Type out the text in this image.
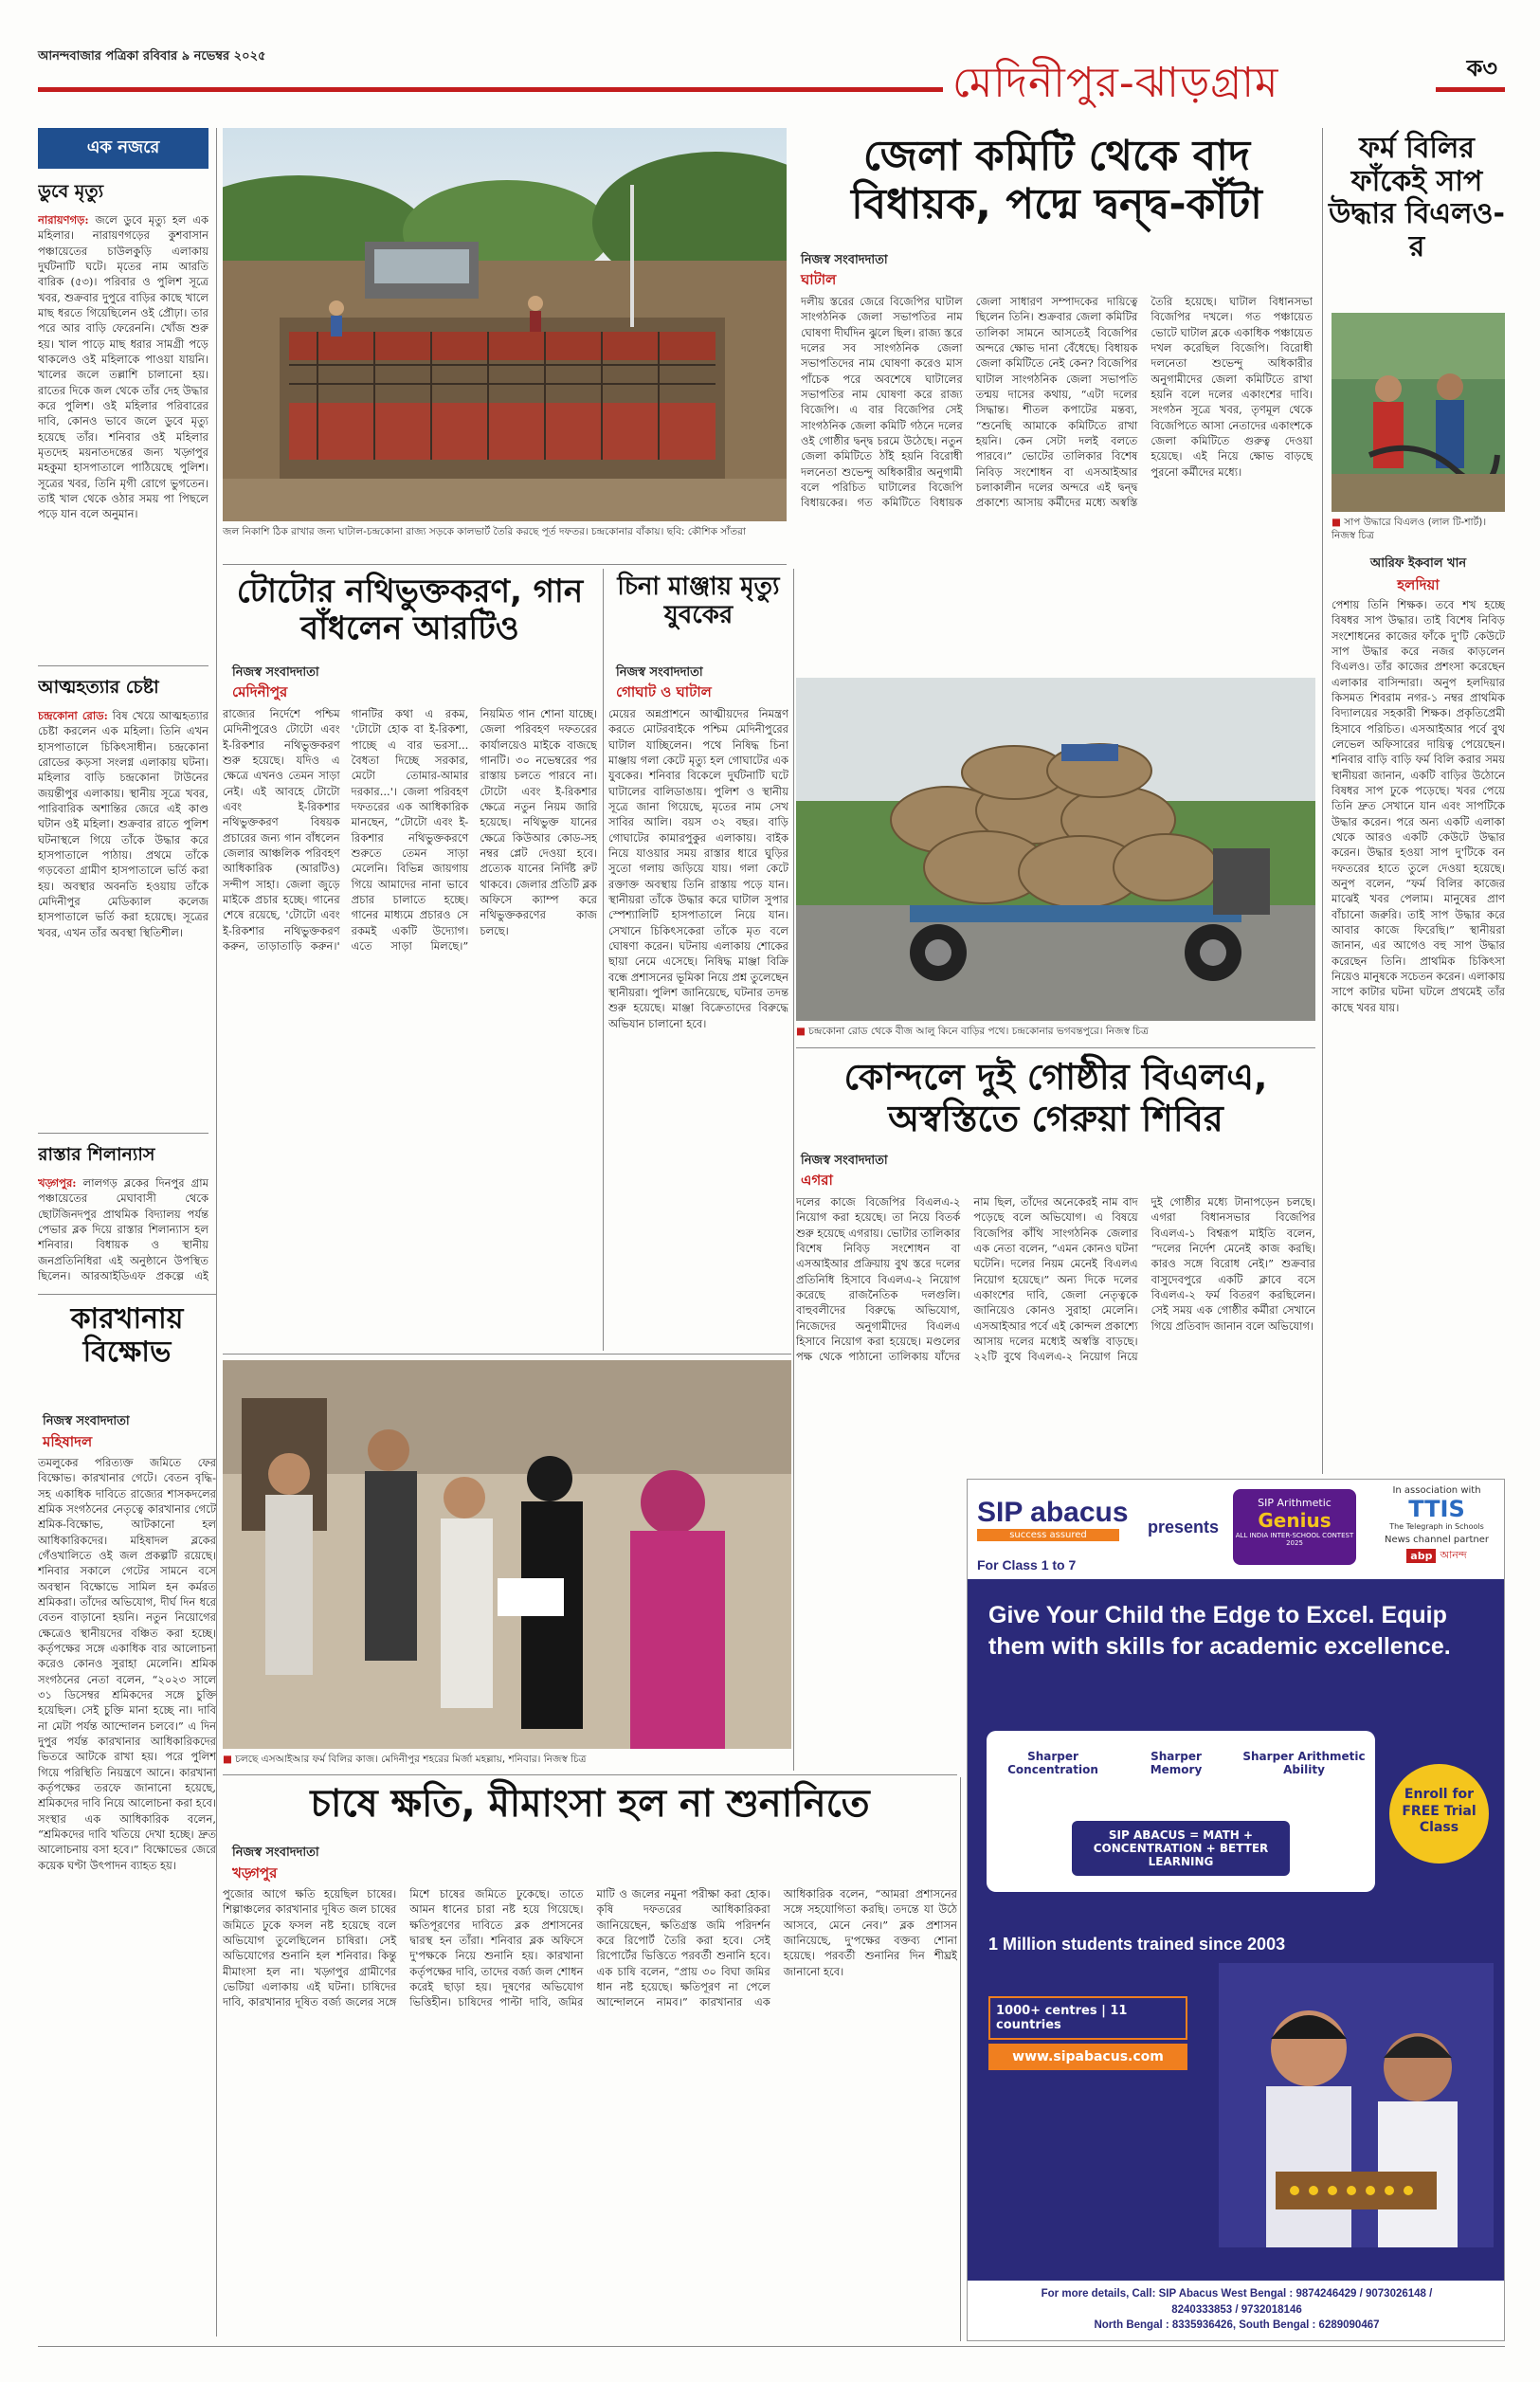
আনন্দবাজার পত্রিকা রবিবার ৯ নভেম্বর ২০২৫
মেদিনীপুর-ঝাড়গ্রাম	ক৩
এক নজরে
ডুবে মৃত্যু
নারায়ণগড়: জলে ডুবে মৃত্যু হল এক মহিলার। নারায়ণগড়ের কুশবাসান পঞ্চায়েতের চাউলকুড়ি এলাকায় দুর্ঘটনাটি ঘটে। মৃতের নাম আরতি বারিক (৫৩)। পরিবার ও পুলিশ সূত্রে খবর, শুক্রবার দুপুরে বাড়ির কাছে খালে মাছ ধরতে গিয়েছিলেন ওই প্রৌঢ়া। তার পরে আর বাড়ি ফেরেননি। খোঁজ শুরু হয়। খাল পাড়ে মাছ ধরার সামগ্রী পড়ে থাকলেও ওই মহিলাকে পাওয়া যায়নি। খালের জলে তল্লাশি চালানো হয়। রাতের দিকে জল থেকে তাঁর দেহ উদ্ধার করে পুলিশ। ওই মহিলার পরিবারের দাবি, কোনও ভাবে জলে ডুবে মৃত্যু হয়েছে তাঁর। শনিবার ওই মহিলার মৃতদেহ ময়নাতদন্তের জন্য খড়্গপুর মহকুমা হাসপাতালে পাঠিয়েছে পুলিশ। সূত্রের খবর, তিনি মৃগী রোগে ভুগতেন। তাই খাল থেকে ওঠার সময় পা পিছলে পড়ে যান বলে অনুমান।
আত্মহত্যার চেষ্টা
চন্দ্রকোনা রোড: বিষ খেয়ে আত্মহত্যার চেষ্টা করলেন এক মহিলা। তিনি এখন হাসপাতালে চিকিৎসাধীন। চন্দ্রকোনা রোডের কড়সা সংলগ্ন এলাকায় ঘটনা। মহিলার বাড়ি চন্দ্রকোনা টাউনের জয়ন্তীপুর এলাকায়। স্থানীয় সূত্রে খবর, পারিবারিক অশান্তির জেরে এই কাণ্ড ঘটান ওই মহিলা। শুক্রবার রাতে পুলিশ ঘটনাস্থলে গিয়ে তাঁকে উদ্ধার করে হাসপাতালে পাঠায়। প্রথমে তাঁকে গড়বেতা গ্রামীণ হাসপাতালে ভর্তি করা হয়। অবস্থার অবনতি হওয়ায় তাঁকে মেদিনীপুর মেডিক্যাল কলেজ হাসপাতালে ভর্তি করা হয়েছে। সূত্রের খবর, এখন তাঁর অবস্থা স্থিতিশীল।
রাস্তার শিলান্যাস
খড়্গপুর: লালগড় ব্লকের দিনপুর গ্রাম পঞ্চায়েতের মেঘাবাসী থেকে ছোটজিনদপুর প্রাথমিক বিদ্যালয় পর্যন্ত পেভার ব্লক দিয়ে রাস্তার শিলান্যাস হল শনিবার। বিধায়ক ও স্থানীয় জনপ্রতিনিধিরা এই অনুষ্ঠানে উপস্থিত ছিলেন। আরআইডিএফ প্রকল্পে এই
জল নিকাশি ঠিক রাখার জন্য ঘাটাল-চন্দ্রকোনা রাজ্য সড়কে কালভার্ট তৈরি করছে পূর্ত দফতর। চন্দ্রকোনার বাঁকায়। ছবি: কৌশিক সাঁতরা
জেলা কমিটি থেকে বাদ বিধায়ক, পদ্মে দ্বন্দ্ব-কাঁটা
নিজস্ব সংবাদদাতা
ঘাটাল
দলীয় স্তরের জেরে বিজেপির ঘাটাল সাংগঠনিক জেলা সভাপতির নাম ঘোষণা দীর্ঘদিন ঝুলে ছিল। রাজ্য স্তরে দলের সব সাংগঠনিক জেলা সভাপতিদের নাম ঘোষণা করেও মাস পাঁচেক পরে অবশেষে ঘাটালের সভাপতির নাম ঘোষণা করে রাজ্য বিজেপি। এ বার বিজেপির সেই সাংগঠনিক জেলা কমিটি গঠনে দলের ওই গোষ্ঠীর দ্বন্দ্ব চরমে উঠেছে। নতুন জেলা কমিটিতে ঠাঁই হয়নি বিরোধী দলনেতা শুভেন্দু অধিকারীর অনুগামী বলে পরিচিত ঘাটালের বিজেপি বিধায়কের। গত কমিটিতে বিধায়ক জেলা সাধারণ সম্পাদকের দায়িত্বে ছিলেন তিনি। শুক্রবার জেলা কমিটির তালিকা সামনে আসতেই বিজেপির অন্দরে ক্ষোভ দানা বেঁধেছে। বিধায়ক জেলা কমিটিতে নেই কেন? বিজেপির ঘাটাল সাংগঠনিক জেলা সভাপতি তন্ময় দাসের কথায়, “এটা দলের সিদ্ধান্ত। শীতল কপাটের মন্তব্য, “শুনেছি আমাকে কমিটিতে রাখা হয়নি। কেন সেটা দলই বলতে পারবে।” ভোটের তালিকার বিশেষ নিবিড় সংশোধন বা এসআইআর চলাকালীন দলের অন্দরে এই দ্বন্দ্ব প্রকাশ্যে আসায় কর্মীদের মধ্যে অস্বস্তি তৈরি হয়েছে। ঘাটাল বিধানসভা বিজেপির দখলে। গত পঞ্চায়েত ভোটে ঘাটাল ব্লকে একাধিক পঞ্চায়েত দখল করেছিল বিজেপি। বিরোধী দলনেতা শুভেন্দু অধিকারীর অনুগামীদের জেলা কমিটিতে রাখা হয়নি বলে দলের একাংশের দাবি। সংগঠন সূত্রে খবর, তৃণমূল থেকে বিজেপিতে আসা নেতাদের একাংশকে জেলা কমিটিতে গুরুত্ব দেওয়া হয়েছে। এই নিয়ে ক্ষোভ বাড়ছে পুরনো কর্মীদের মধ্যে।
ফর্ম বিলির ফাঁকেই সাপ উদ্ধার বিএলও-র
■ সাপ উদ্ধারে বিএলও (লাল টি-শার্ট)। নিজস্ব চিত্র
আরিফ ইকবাল খান
হলদিয়া
টোটোর নথিভুক্তকরণ, গান বাঁধলেন আরটিও
নিজস্ব সংবাদদাতা
মেদিনীপুর
রাজ্যের নির্দেশে পশ্চিম মেদিনীপুরেও টোটো এবং ই-রিকশার নথিভুক্তকরণ শুরু হয়েছে। যদিও এ ক্ষেত্রে এখনও তেমন সাড়া নেই। এই আবহে টোটো এবং ই-রিকশার নথিভুক্তকরণ বিষয়ক প্রচারের জন্য গান বাঁধলেন জেলার আঞ্চলিক পরিবহণ আধিকারিক (আরটিও) সন্দীপ সাহা। জেলা জুড়ে মাইকে প্রচার হচ্ছে। গানের শেষে রয়েছে, 'টোটো এবং ই-রিকশার নথিভুক্তকরণ করুন, তাড়াতাড়ি করুন।' গানটির কথা এ রকম, 'টোটো হোক বা ই-রিকশা, পাচ্ছে এ বার ভরসা... বৈধতা দিচ্ছে সরকার, মেটো তোমার-আমার দরকার...'। জেলা পরিবহণ দফতরের এক আধিকারিক মানছেন, “টোটো এবং ই-রিকশার নথিভুক্তকরণে শুরুতে তেমন সাড়া মেলেনি। বিভিন্ন জায়গায় গিয়ে আমাদের নানা ভাবে প্রচার চালাতে হচ্ছে। গানের মাধ্যমে প্রচারও সে রকমই একটি উদ্যোগ। এতে সাড়া মিলছে।” নিয়মিত গান শোনা যাচ্ছে। জেলা পরিবহণ দফতরের কার্যালয়েও মাইকে বাজছে গানটি। ৩০ নভেম্বরের পর রাস্তায় চলতে পারবে না। টোটো এবং ই-রিকশার ক্ষেত্রে নতুন নিয়ম জারি হয়েছে। নথিভুক্ত যানের ক্ষেত্রে কিউআর কোড-সহ নম্বর প্লেট দেওয়া হবে। প্রত্যেক যানের নির্দিষ্ট রুট থাকবে। জেলার প্রতিটি ব্লক অফিসে ক্যাম্প করে নথিভুক্তকরণের কাজ চলছে।
চিনা মাঞ্জায় মৃত্যু যুবকের
নিজস্ব সংবাদদাতা
গোঘাট ও ঘাটাল
মেয়ের অন্নপ্রাশনে আত্মীয়দের নিমন্ত্রণ করতে মোটরবাইকে পশ্চিম মেদিনীপুরের ঘাটাল যাচ্ছিলেন। পথে নিষিদ্ধ চিনা মাঞ্জায় গলা কেটে মৃত্যু হল গোঘাটের এক যুবকের। শনিবার বিকেলে দুর্ঘটনাটি ঘটে ঘাটালের বালিডাঙায়। পুলিশ ও স্থানীয় সূত্রে জানা গিয়েছে, মৃতের নাম সেখ সাবির আলি। বয়স ৩২ বছর। বাড়ি গোঘাটের কামারপুকুর এলাকায়। বাইক নিয়ে যাওয়ার সময় রাস্তার ধারে ঘুড়ির সুতো গলায় জড়িয়ে যায়। গলা কেটে রক্তাক্ত অবস্থায় তিনি রাস্তায় পড়ে যান। স্থানীয়রা তাঁকে উদ্ধার করে ঘাটাল সুপার স্পেশ্যালিটি হাসপাতালে নিয়ে যান। সেখানে চিকিৎসকেরা তাঁকে মৃত বলে ঘোষণা করেন। ঘটনায় এলাকায় শোকের ছায়া নেমে এসেছে। নিষিদ্ধ মাঞ্জা বিক্রি বন্ধে প্রশাসনের ভূমিকা নিয়ে প্রশ্ন তুলেছেন স্থানীয়রা। পুলিশ জানিয়েছে, ঘটনার তদন্ত শুরু হয়েছে। মাঞ্জা বিক্রেতাদের বিরুদ্ধে অভিযান চালানো হবে।
■ চন্দ্রকোনা রোড থেকে বীজ আলু কিনে বাড়ির পথে। চন্দ্রকোনার ভগবন্তপুরে। নিজস্ব চিত্র
কোন্দলে দুই গোষ্ঠীর বিএলএ, অস্বস্তিতে গেরুয়া শিবির
নিজস্ব সংবাদদাতা
এগরা
দলের কাজে বিজেপির বিএলএ-২ নিয়োগ করা হয়েছে। তা নিয়ে বিতর্ক শুরু হয়েছে এগরায়। ভোটার তালিকার বিশেষ নিবিড় সংশোধন বা এসআইআর প্রক্রিয়ায় বুথ স্তরে দলের প্রতিনিধি হিসাবে বিএলএ-২ নিয়োগ করেছে রাজনৈতিক দলগুলি। বাহুবলীদের বিরুদ্ধে অভিযোগ, নিজেদের অনুগামীদের বিএলএ হিসাবে নিয়োগ করা হয়েছে। মণ্ডলের পক্ষ থেকে পাঠানো তালিকায় যাঁদের নাম ছিল, তাঁদের অনেকেরই নাম বাদ পড়েছে বলে অভিযোগ। এ বিষয়ে বিজেপির কাঁথি সাংগঠনিক জেলার এক নেতা বলেন, “এমন কোনও ঘটনা ঘটেনি। দলের নিয়ম মেনেই বিএলএ নিয়োগ হয়েছে।” অন্য দিকে দলের একাংশের দাবি, জেলা নেতৃত্বকে জানিয়েও কোনও সুরাহা মেলেনি। এসআইআর পর্বে এই কোন্দল প্রকাশ্যে আসায় দলের মধ্যেই অস্বস্তি বাড়ছে। ২২টি বুথে বিএলএ-২ নিয়োগ নিয়ে দুই গোষ্ঠীর মধ্যে টানাপড়েন চলছে। এগরা বিধানসভার বিজেপির বিএলএ-১ বিশ্বরূপ মাইতি বলেন, “দলের নির্দেশ মেনেই কাজ করছি। কারও সঙ্গে বিরোধ নেই।” শুক্রবার বাসুদেবপুরে একটি ক্লাবে বসে বিএলএ-২ ফর্ম বিতরণ করছিলেন। সেই সময় এক গোষ্ঠীর কর্মীরা সেখানে গিয়ে প্রতিবাদ জানান বলে অভিযোগ।
পেশায় তিনি শিক্ষক। তবে শখ হচ্ছে বিষধর সাপ উদ্ধার। তাই বিশেষ নিবিড় সংশোধনের কাজের ফাঁকে দু'টি কেউটে সাপ উদ্ধার করে নজর কাড়লেন বিএলও। তাঁর কাজের প্রশংসা করেছেন এলাকার বাসিন্দারা। অনুপ হলদিয়ার কিসমত শিবরাম নগর-১ নম্বর প্রাথমিক বিদ্যালয়ের সহকারী শিক্ষক। প্রকৃতিপ্রেমী হিসাবে পরিচিত। এসআইআর পর্বে বুথ লেভেল অফিসারের দায়িত্ব পেয়েছেন। শনিবার বাড়ি বাড়ি ফর্ম বিলি করার সময় স্থানীয়রা জানান, একটি বাড়ির উঠোনে বিষধর সাপ ঢুকে পড়েছে। খবর পেয়ে তিনি দ্রুত সেখানে যান এবং সাপটিকে উদ্ধার করেন। পরে অন্য একটি এলাকা থেকে আরও একটি কেউটে উদ্ধার করেন। উদ্ধার হওয়া সাপ দু'টিকে বন দফতরের হাতে তুলে দেওয়া হয়েছে। অনুপ বলেন, “ফর্ম বিলির কাজের মাঝেই খবর পেলাম। মানুষের প্রাণ বাঁচানো জরুরি। তাই সাপ উদ্ধার করে আবার কাজে ফিরেছি।” স্থানীয়রা জানান, এর আগেও বহু সাপ উদ্ধার করেছেন তিনি। প্রাথমিক চিকিৎসা নিয়েও মানুষকে সচেতন করেন। এলাকায় সাপে কাটার ঘটনা ঘটলে প্রথমেই তাঁর কাছে খবর যায়।
কারখানায় বিক্ষোভ
নিজস্ব সংবাদদাতা
মহিষাদল
তমলুকের পরিত্যক্ত জমিতে ফের বিক্ষোভ। কারখানার গেটে। বেতন বৃদ্ধি-সহ একাধিক দাবিতে রাজ্যের শাসকদলের শ্রমিক সংগঠনের নেতৃত্বে কারখানার গেটে শ্রমিক-বিক্ষোভ, আটকানো হল আধিকারিকদের। মহিষাদল ব্লকের গেঁওখালিতে ওই জল প্রকল্পটি রয়েছে। শনিবার সকালে গেটের সামনে বসে অবস্থান বিক্ষোভে সামিল হন কর্মরত শ্রমিকরা। তাঁদের অভিযোগ, দীর্ঘ দিন ধরে বেতন বাড়ানো হয়নি। নতুন নিয়োগের ক্ষেত্রেও স্থানীয়দের বঞ্চিত করা হচ্ছে। কর্তৃপক্ষের সঙ্গে একাধিক বার আলোচনা করেও কোনও সুরাহা মেলেনি। শ্রমিক সংগঠনের নেতা বলেন, “২০২৩ সালে ৩১ ডিসেম্বর শ্রমিকদের সঙ্গে চুক্তি হয়েছিল। সেই চুক্তি মানা হচ্ছে না। দাবি না মেটা পর্যন্ত আন্দোলন চলবে।” এ দিন দুপুর পর্যন্ত কারখানার আধিকারিকদের ভিতরে আটকে রাখা হয়। পরে পুলিশ গিয়ে পরিস্থিতি নিয়ন্ত্রণে আনে। কারখানা কর্তৃপক্ষের তরফে জানানো হয়েছে, শ্রমিকদের দাবি নিয়ে আলোচনা করা হবে। সংস্থার এক আধিকারিক বলেন, “শ্রমিকদের দাবি খতিয়ে দেখা হচ্ছে। দ্রুত আলোচনায় বসা হবে।” বিক্ষোভের জেরে কয়েক ঘণ্টা উৎপাদন ব্যাহত হয়।
■ চলছে এসআইআর ফর্ম বিলির কাজ। মেদিনীপুর শহরের মির্জা মহল্লায়, শনিবার। নিজস্ব চিত্র
চাষে ক্ষতি, মীমাংসা হল না শুনানিতে
নিজস্ব সংবাদদাতা
খড়্গপুর
পুজোর আগে ক্ষতি হয়েছিল চাষের। শিল্পাঞ্চলের কারখানার দূষিত জল চাষের জমিতে ঢুকে ফসল নষ্ট হয়েছে বলে অভিযোগ তুলেছিলেন চাষিরা। সেই অভিযোগের শুনানি হল শনিবার। কিন্তু মীমাংসা হল না। খড়্গপুর গ্রামীণের ভেটিয়া এলাকায় এই ঘটনা। চাষিদের দাবি, কারখানার দূষিত বর্জ্য জলের সঙ্গে মিশে চাষের জমিতে ঢুকেছে। তাতে আমন ধানের চারা নষ্ট হয়ে গিয়েছে। ক্ষতিপূরণের দাবিতে ব্লক প্রশাসনের দ্বারস্থ হন তাঁরা। শনিবার ব্লক অফিসে দু'পক্ষকে নিয়ে শুনানি হয়। কারখানা কর্তৃপক্ষের দাবি, তাদের বর্জ্য জল শোধন করেই ছাড়া হয়। দূষণের অভিযোগ ভিত্তিহীন। চাষিদের পাল্টা দাবি, জমির মাটি ও জলের নমুনা পরীক্ষা করা হোক। কৃষি দফতরের আধিকারিকরা জানিয়েছেন, ক্ষতিগ্রস্ত জমি পরিদর্শন করে রিপোর্ট তৈরি করা হবে। সেই রিপোর্টের ভিত্তিতে পরবর্তী শুনানি হবে। এক চাষি বলেন, “প্রায় ৩০ বিঘা জমির ধান নষ্ট হয়েছে। ক্ষতিপূরণ না পেলে আন্দোলনে নামব।” কারখানার এক আধিকারিক বলেন, “আমরা প্রশাসনের সঙ্গে সহযোগিতা করছি। তদন্তে যা উঠে আসবে, মেনে নেব।” ব্লক প্রশাসন জানিয়েছে, দু'পক্ষের বক্তব্য শোনা হয়েছে। পরবর্তী শুনানির দিন শীঘ্রই জানানো হবে।
SIP abacus
success assured
For Class 1 to 7
presents
SIP Arithmetic
Genius
ALL INDIA INTER-SCHOOL CONTEST 2025
In association with
TTIS
The Telegraph in Schools
News channel partner
abp আনন্দ
Give Your Child the Edge to Excel. Equip them with skills for academic excellence.
Sharper Concentration
Sharper Memory
Sharper Arithmetic Ability
SIP ABACUS = MATH + CONCENTRATION + BETTER LEARNING
Enroll for FREE Trial Class
1 Million students trained since 2003
1000+ centres | 11 countries
www.sipabacus.com
For more details, Call: SIP Abacus West Bengal : 9874246429 / 9073026148 /
8240333853 / 9732018146
North Bengal : 8335936426, South Bengal : 6289090467
